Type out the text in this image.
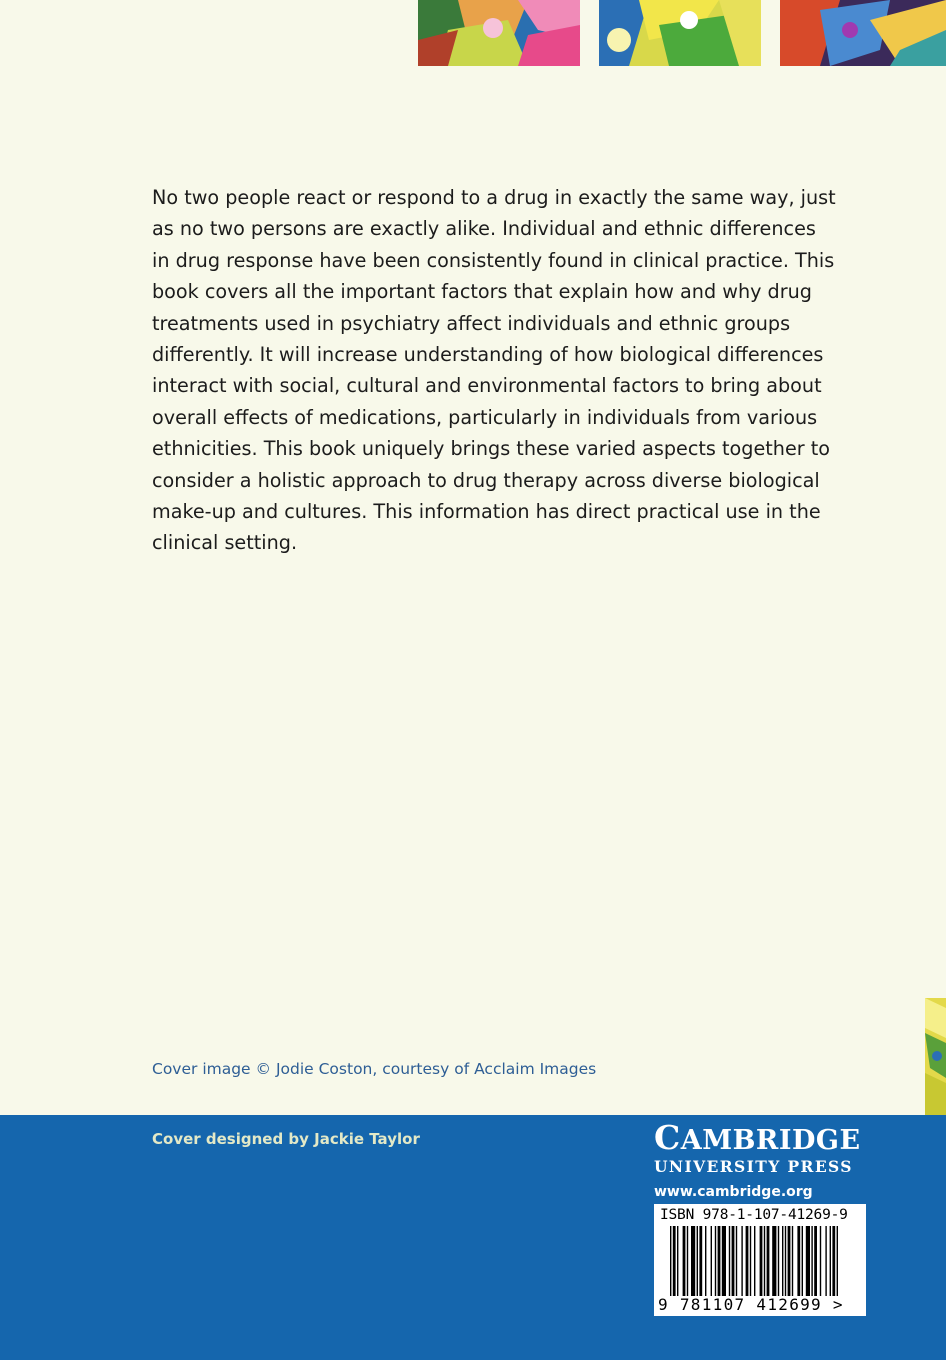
No two people react or respond to a drug in exactly the same way, just
as no two persons are exactly alike. Individual and ethnic differences
in drug response have been consistently found in clinical practice. This
book covers all the important factors that explain how and why drug
treatments used in psychiatry affect individuals and ethnic groups
differently. It will increase understanding of how biological differences
interact with social, cultural and environmental factors to bring about
overall effects of medications, particularly in individuals from various
ethnicities. This book uniquely brings these varied aspects together to
consider a holistic approach to drug therapy across diverse biological
make-up and cultures. This information has direct practical use in the
clinical setting.
Cover image © Jodie Coston, courtesy of Acclaim Images
Cover designed by Jackie Taylor	CAMBRIDGE
UNIVERSITY PRESS
www.cambridge.org
ISBN 978-1-107-41269-9
9 781107 412699 >
